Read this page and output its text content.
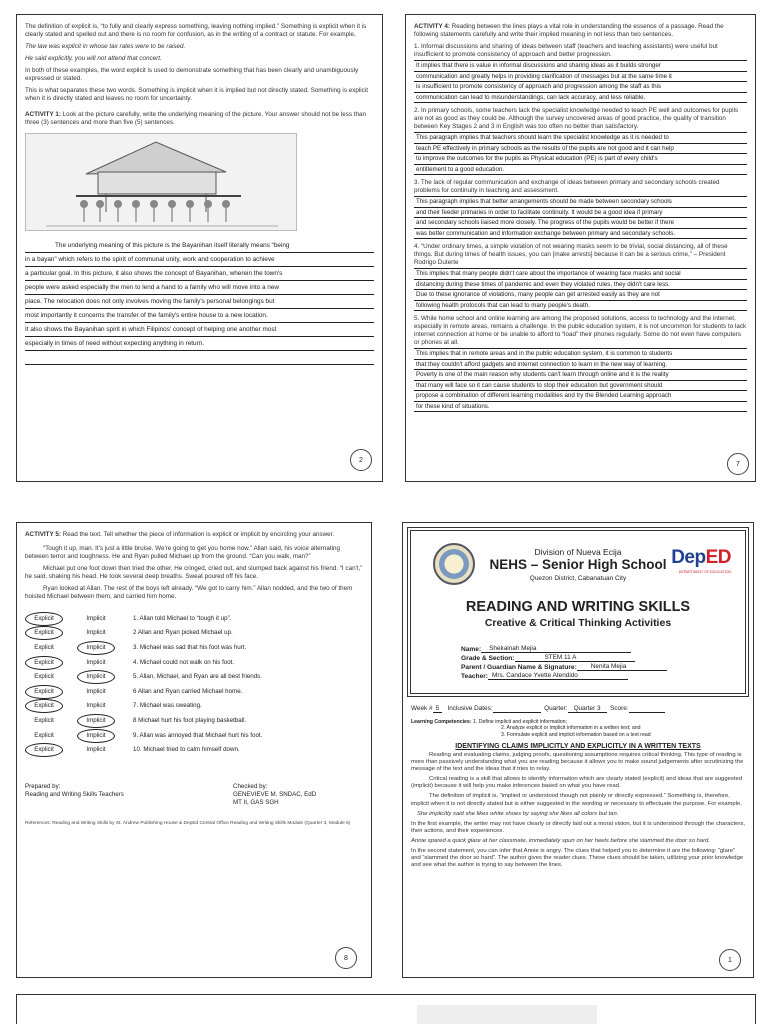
The definition of explicit is, “to fully and clearly express something, leaving nothing implied.” Something is explicit when it is clearly stated and spelled out and there is no room for confusion, as in the writing of a contract or statute. For example,

The law was explicit in whose tax rates were to be raised.

He said explicitly, you will not attend that concert.

In both of these examples, the word explicit is used to demonstrate something that has been clearly and unambiguously expressed or stated.

This is what separates these two words. Something is implicit when it is implied but not directly stated. Something is explicit when it is directly stated and leaves no room for uncertainty.

ACTIVITY 1: Look at the picture carefully, write the underlying meaning of the picture. Your answer should not be less than three (3) sentences and more than five (5) sentences.

The underlying meaning of this picture is the Bayanihan itself literally means “being
in a bayan” which refers to the spirit of communal unity, work and cooperation to achieve
a particular goal. In this picture, it also shows the concept of Bayanihan, wherein the town's
people were asked especially the men to lend a hand to a family who will move into a new
place. The relocation does not only involves moving the family's personal belongings but
most importantly it concerns the transfer of the family's entire house to a new location.
It also shows the Bayanihan spirit in which Filipinos' concept of helping one another most
especially in times of need without expecting anything in return.
2

ACTIVITY 4: Reading between the lines plays a vital role in understanding the essence of a passage. Read the following statements carefully and write their implied meaning in not less than two sentences.

1. Informal discussions and sharing of ideas between staff (teachers and teaching assistants) were useful but insufficient to promote consistency of approach and better progression.

It implies that there is value in informal discussions and sharing ideas as it builds stronger
communication and greatly helps in providing clarification of messages but at the same time it
is insufficient to promote consistency of approach and progression among the staff as this
communication can lead to misunderstandings, can lack accuracy, and less reliable.

2. In primary schools, some teachers lack the specialist knowledge needed to teach PE well and outcomes for pupils are not as good as they could be. Although the survey uncovered areas of good practice, the quality of transition between Key Stages 2 and 3 in English was too often no better than satisfactory.

This paragraph implies that teachers should learn the specialist knowledge as it is needed to
teach PE effectively in primary schools as the results of the pupils are not good and it can help
to improve the outcomes for the pupils as Physical education (PE) is part of every child's
entitlement to a good education.

3. The lack of regular communication and exchange of ideas between primary and secondary schools created problems for continuity in teaching and assessment.

This paragraph implies that better arrangements should be made between secondary schools
and their feeder primaries in order to facilitate continuity. It would be a good idea if primary
and secondary schools liaised more closely. The progress of the pupils would be better if there
was better communication and information exchange between primary and secondary schools.

4. “Under ordinary times, a simple violation of not wearing masks seem to be trivial, social distancing, all of these things. But during times of health issues, you can [make arrests] because it can be a serious crime,” – President Rodrigo Duterte

This implies that many people didn't care about the importance of wearing face masks and social
distancing during these times of pandemic and even they violated rules, they didn't care less.
Due to these ignorance of violations, many people can get arrested easily as they are not
following health protocols that can lead to many people's death.

5. While home school and online learning are among the proposed solutions, access to technology and the internet, especially in remote areas, remains a challenge. In the public education system, it is not uncommon for students to lack internet connection at home or be unable to afford to “load” their phones regularly. Some do not even have computers or phones at all.

This implies that in remote areas and in the public education system, it is common to students
that they couldn't afford gadgets and internet connection to learn in the new way of learning.
Poverty is one of the main reason why students can't learn through online and it is the reality
that many will face so it can cause students to stop their education but government should
propose a combination of different learning modalities and try the Blended Learning approach
for these kind of situations.
7

ACTIVITY 5: Read the text. Tell whether the piece of information is explicit or implicit by encircling your answer.

“Tough it up, man. It's just a little bruise. We're going to get you home now.” Allan said, his voice alternating between terror and toughness. He and Ryan pulled Michael up from the ground. “Can you walk, man?”

Michael put one foot down then tried the other. He cringed, cried out, and slumped back against his friend. “I can't,” he said, shaking his head. He took several deep breaths. Sweat poured off his face.

Ryan looked at Allan. The rest of the boys left already. “We got to carry him.” Allan nodded, and the two of them hoisted Michael between them, and carried him home.

Explicit	Implicit	1. Allan told Michael to “tough it up”.
Explicit	Implicit	2 Allan and Ryan picked Michael up.
Explicit	Implicit	3. Michael was sad that his foot was hurt.
Explicit	Implicit	4. Michael could not walk on his foot.
Explicit	Implicit	5. Allan, Michael, and Ryan are all best friends.
Explicit	Implicit	6 Allan and Ryan carried Michael home.
Explicit	Implicit	7. Michael was sweating.
Explicit	Implicit	8 Michael hurt his foot playing basketball.
Explicit	Implicit	9. Allan was annoyed that Michael hurt his foot.
Explicit	Implicit	10. Michael tried to calm himself down.
Prepared by:
Reading and Writing Skills Teachers
Checked by:
GENEVIEVE M. SNDAC, EdD
MT II, GAS SGH

References: Reading and Writing Skills by St. Andrew Publishing House & DepEd Central Office Reading and Writing Skills Module (Quarter 3, Module 5)

8
Division of Nueva Ecija
NEHS – Senior High School
Quezon District, Cabanatuan City
DepED
DEPARTMENT OF EDUCATION
READING AND WRITING SKILLS
Creative & Critical Thinking Activities
Name:	Shekainah Mejia
Grade & Section:	STEM 11 A
Parent / Guardian Name & Signature:	Nenita Mejia
Teacher: Mrs. Candace Yvette Atendido
Week # 5 Inclusive Dates:	Quarter: Quarter 3 Score:
Learning Competencies: 1. Define implicit and explicit information;
2. Analyze explicit or implicit information in a written text; and
3. Formulate explicit and implicit information based on a text read
IDENTIFYING CLAIMS IMPLICITLY AND EXPLICITLY IN A WRITTEN TEXTS

Reading and evaluating claims, judging proofs, questioning assumptions requires critical thinking. This type of reading is more than passively understanding what you are reading because it allows you to make sound judgements after scrutinizing the message of the text and the ideas that it tries to relay.

Critical reading is a skill that allows to identify information which are clearly stated (explicit) and ideas that are suggested (implicit) because it will help you make inferences based on what you have read.

The definition of implicit is, “implied or understood though not plainly or directly expressed.” Something is, therefore, implicit when it is not directly stated but is either suggested in the wording or necessary to effectuate the purpose. For example,

She implicitly said she likes white shoes by saying she likes all colors but tan.

In the first example, the writer may not have clearly or directly laid out a moral vision, but it is understood through the characters, their actions, and their experiences.

Annie spared a quick glare at her classmate, immediately spun on her heels before she slammed the door so hard.

In the second statement, you can infer that Annie is angry. The clues that helped you to determine it are the following: “glare” and “slammed the door so hard”. The author gives the reader clues. These clues should be taken, utilizing your prior knowledge and see what the author is trying to say between the lines.

1
